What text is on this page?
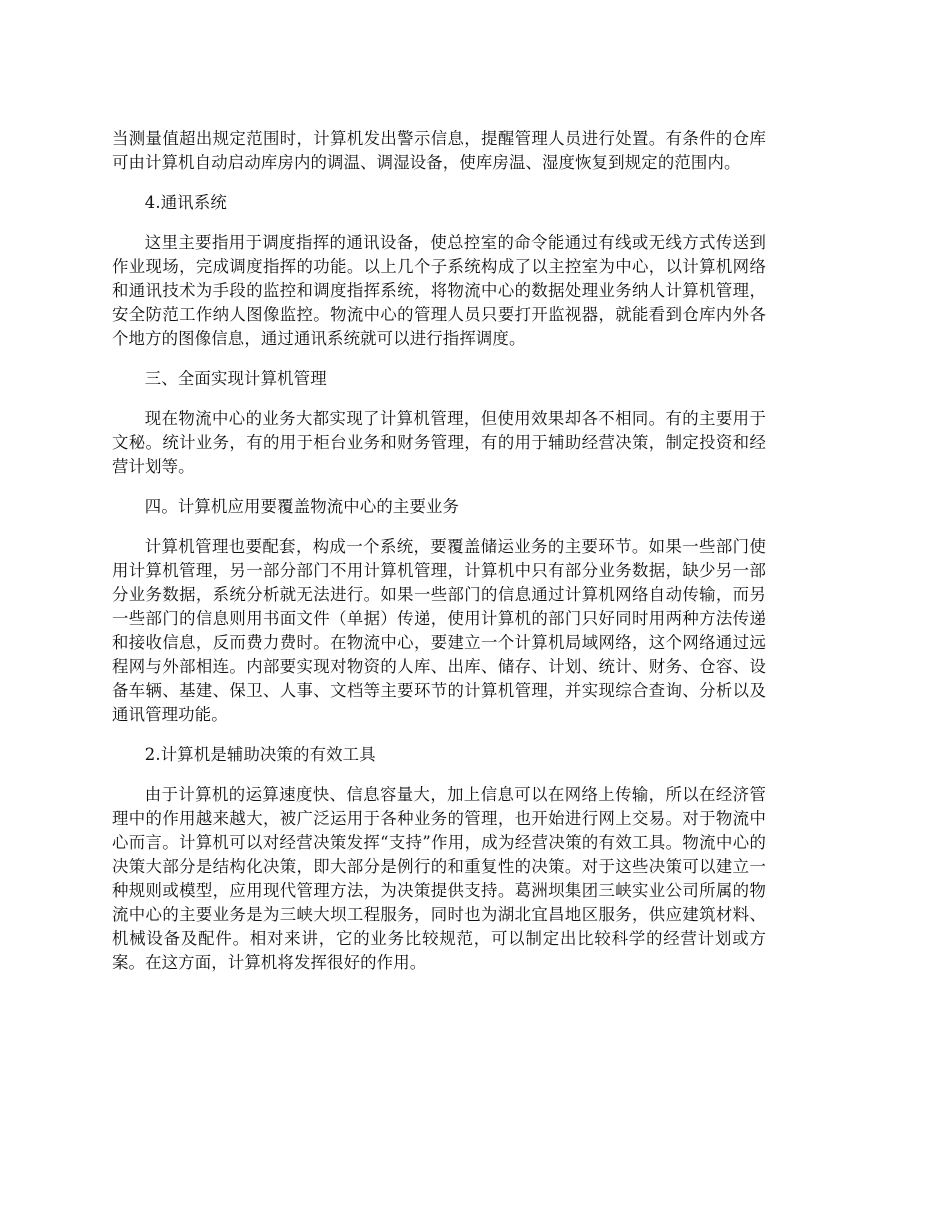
当测量值超出规定范围时，计算机发出警示信息，提醒管理人员进行处置。有条件的仓库可由计算机自动启动库房内的调温、调湿设备，使库房温、湿度恢复到规定的范围内。

4.通讯系统

这里主要指用于调度指挥的通讯设备，使总控室的命令能通过有线或无线方式传送到作业现场，完成调度指挥的功能。以上几个子系统构成了以主控室为中心，以计算机网络和通讯技术为手段的监控和调度指挥系统，将物流中心的数据处理业务纳人计算机管理，安全防范工作纳人图像监控。物流中心的管理人员只要打开监视器，就能看到仓库内外各个地方的图像信息，通过通讯系统就可以进行指挥调度。

三、全面实现计算机管理

现在物流中心的业务大都实现了计算机管理，但使用效果却各不相同。有的主要用于文秘。统计业务，有的用于柜台业务和财务管理，有的用于辅助经营决策，制定投资和经营计划等。

四。计算机应用要覆盖物流中心的主要业务

计算机管理也要配套，构成一个系统，要覆盖储运业务的主要环节。如果一些部门使用计算机管理，另一部分部门不用计算机管理，计算机中只有部分业务数据，缺少另一部分业务数据，系统分析就无法进行。如果一些部门的信息通过计算机网络自动传输，而另一些部门的信息则用书面文件（单据）传递，使用计算机的部门只好同时用两种方法传递和接收信息，反而费力费时。在物流中心，要建立一个计算机局域网络，这个网络通过远程网与外部相连。内部要实现对物资的人库、出库、储存、计划、统计、财务、仓容、设备车辆、基建、保卫、人事、文档等主要环节的计算机管理，并实现综合查询、分析以及通讯管理功能。

2.计算机是辅助决策的有效工具

由于计算机的运算速度快、信息容量大，加上信息可以在网络上传输，所以在经济管理中的作用越来越大，被广泛运用于各种业务的管理，也开始进行网上交易。对于物流中心而言。计算机可以对经营决策发挥“支持”作用，成为经营决策的有效工具。物流中心的决策大部分是结构化决策，即大部分是例行的和重复性的决策。对于这些决策可以建立一种规则或模型，应用现代管理方法，为决策提供支持。葛洲坝集团三峡实业公司所属的物流中心的主要业务是为三峡大坝工程服务，同时也为湖北宜昌地区服务，供应建筑材料、机械设备及配件。相对来讲，它的业务比较规范，可以制定出比较科学的经营计划或方案。在这方面，计算机将发挥很好的作用。
